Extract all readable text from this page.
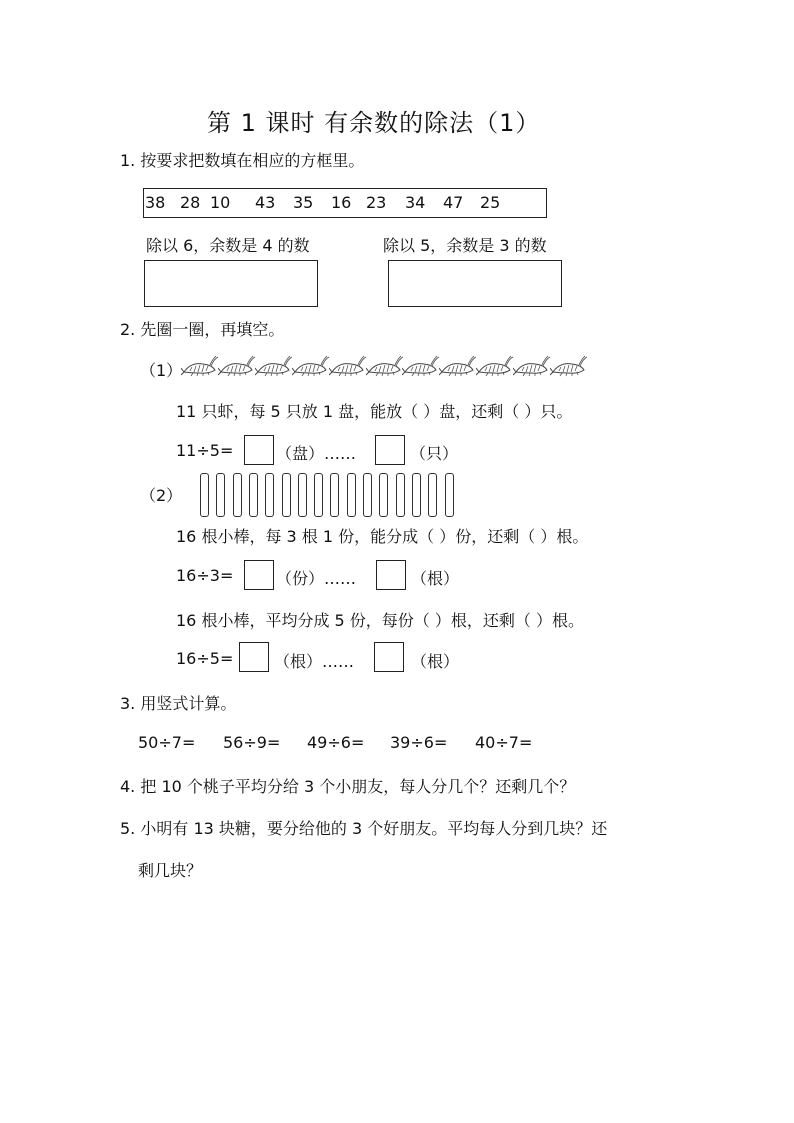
第 1 课时 有余数的除法（1）
1. 按要求把数填在相应的方框里。
38 28 10 43 35 16 23 34 47 25
除以 6，余数是 4 的数	除以 5，余数是 3 的数
2. 先圈一圈，再填空。
（1）
11 只虾，每 5 只放 1 盘，能放（ ）盘，还剩（ ）只。
11÷5=	（盘）……	（只）
（2）
16 根小棒，每 3 根 1 份，能分成（ ）份，还剩（ ）根。
16÷3=	（份）……	（根）
16 根小棒，平均分成 5 份，每份（ ）根，还剩（ ）根。
16÷5=	（根）……	（根）
3. 用竖式计算。
50÷7= 56÷9= 49÷6= 39÷6= 40÷7=
4. 把 10 个桃子平均分给 3 个小朋友，每人分几个？还剩几个？
5. 小明有 13 块糖，要分给他的 3 个好朋友。平均每人分到几块？还
剩几块？
